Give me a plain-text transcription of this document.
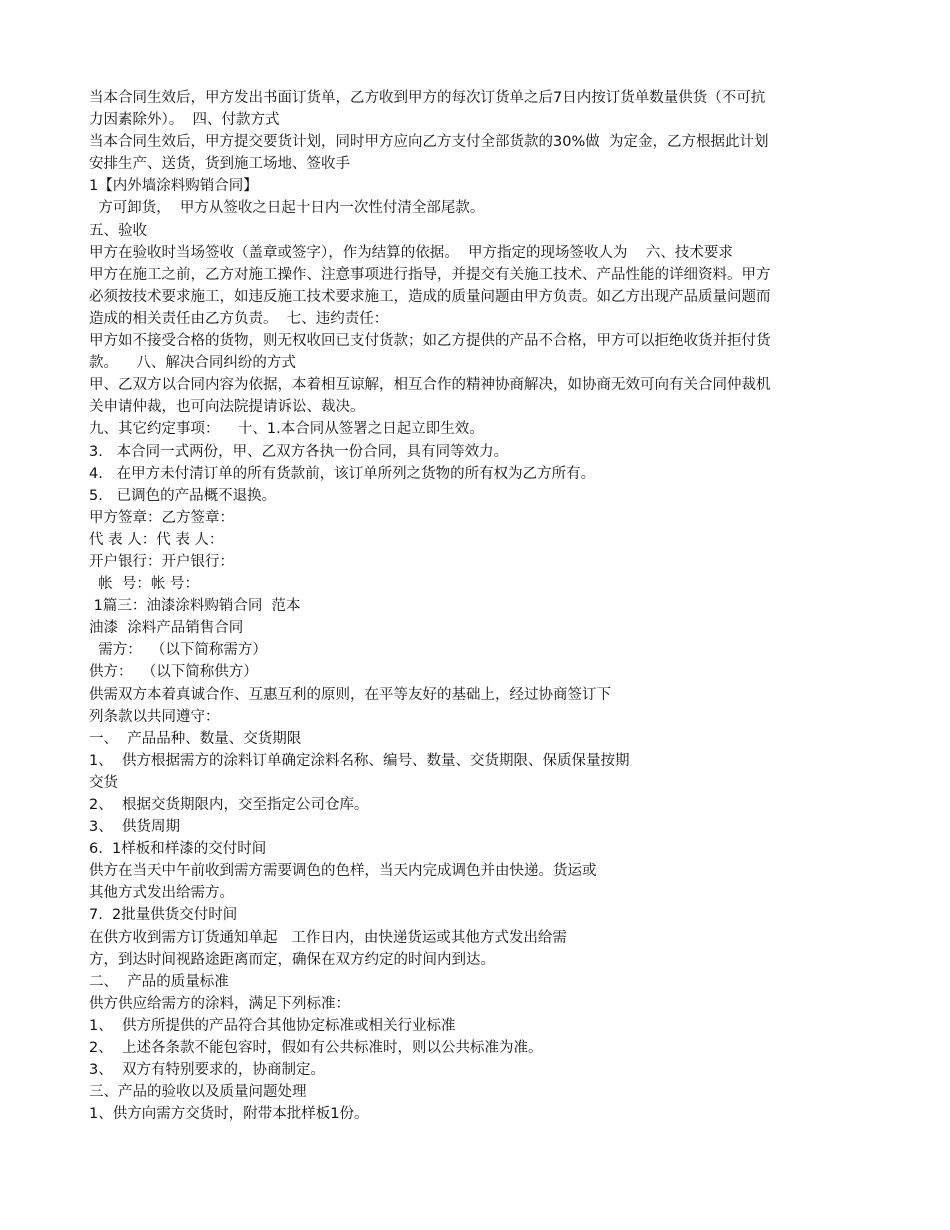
当本合同生效后，甲方发出书面订货单，乙方收到甲方的每次订货单之后7日内按订货单数量供货（不可抗
力因素除外）。  四、付款方式
当本合同生效后，甲方提交要货计划，同时甲方应向乙方支付全部货款的30%做  为定金，乙方根据此计划
安排生产、送货，货到施工场地、签收手
1【内外墙涂料购销合同】
方可卸货，  甲方从签收之日起十日内一次性付清全部尾款。
五、验收
甲方在验收时当场签收（盖章或签字），作为结算的依据。  甲方指定的现场签收人为    六、技术要求
甲方在施工之前，乙方对施工操作、注意事项进行指导，并提交有关施工技术、产品性能的详细资料。甲方
必须按技术要求施工，如违反施工技术要求施工，造成的质量问题由甲方负责。如乙方出现产品质量问题而
造成的相关责任由乙方负责。  七、违约责任：
甲方如不接受合格的货物，则无权收回已支付货款；如乙方提供的产品不合格，甲方可以拒绝收货并拒付货
款。    八、解决合同纠纷的方式
甲、乙双方以合同内容为依据，本着相互谅解，相互合作的精神协商解决，如协商无效可向有关合同仲裁机
关申请仲裁，也可向法院提请诉讼、裁决。
九、其它约定事项：    十、1.本合同从签署之日起立即生效。
3.   本合同一式两份，甲、乙双方各执一份合同，具有同等效力。
4.   在甲方未付清订单的所有货款前，该订单所列之货物的所有权为乙方所有。
5.   已调色的产品概不退换。
甲方签章：乙方签章：
代 表 人：代 表 人：
开户银行：开户银行：
帐  号：帐 号：
1篇三：油漆涂料购销合同  范本
油漆  涂料产品销售合同
需方：  （以下简称需方）
供方：  （以下简称供方）
供需双方本着真诚合作、互惠互利的原则，在平等友好的基础上，经过协商签订下
列条款以共同遵守：
一、  产品品种、数量、交货期限
1、  供方根据需方的涂料订单确定涂料名称、编号、数量、交货期限、保质保量按期
交货
2、  根据交货期限内，交至指定公司仓库。
3、  供货周期
6.  1样板和样漆的交付时间
供方在当天中午前收到需方需要调色的色样，当天内完成调色并由快递。货运或
其他方式发出给需方。
7.  2批量供货交付时间
在供方收到需方订货通知单起   工作日内，由快递货运或其他方式发出给需
方，到达时间视路途距离而定，确保在双方约定的时间内到达。
二、  产品的质量标准
供方供应给需方的涂料，满足下列标准：
1、  供方所提供的产品符合其他协定标准或相关行业标准
2、  上述各条款不能包容时，假如有公共标准时，则以公共标准为准。
3、  双方有特别要求的，协商制定。
三、产品的验收以及质量问题处理
1、供方向需方交货时，附带本批样板1份。
